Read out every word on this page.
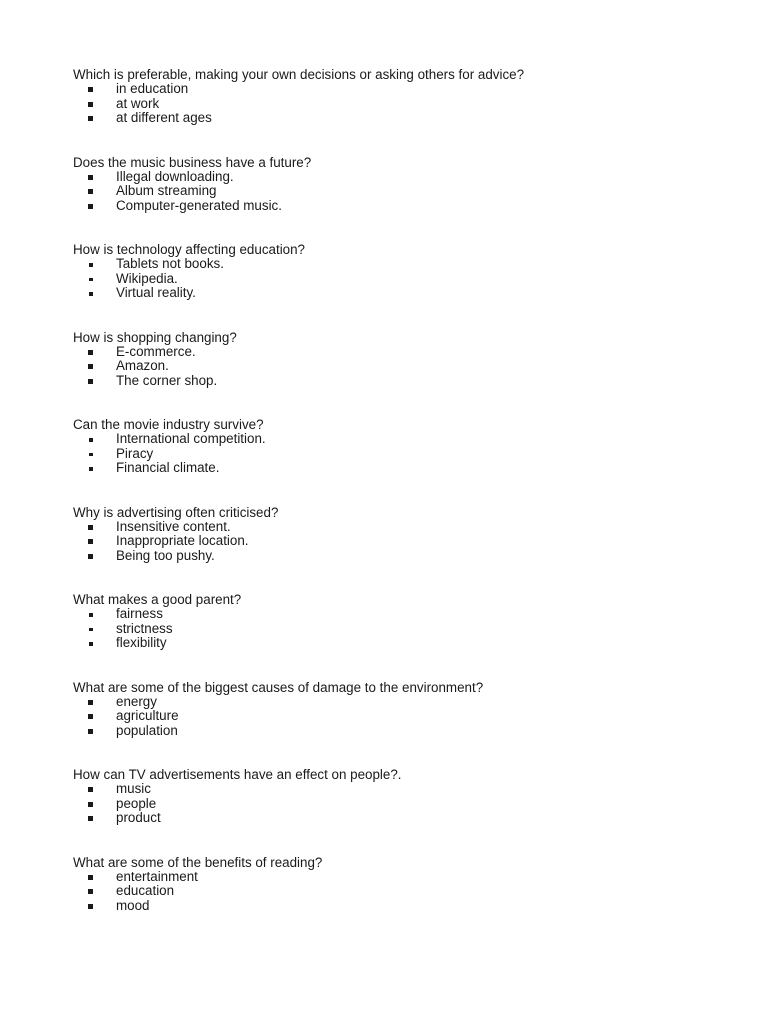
Which is preferable, making your own decisions or asking others for advice?
in education
at work
at different ages
Does the music business have a future?
Illegal downloading.
Album streaming
Computer-generated music.
How is technology affecting education?
Tablets not books.
Wikipedia.
Virtual reality.
How is shopping changing?
E-commerce.
Amazon.
The corner shop.
Can the movie industry survive?
International competition.
Piracy
Financial climate.
Why is advertising often criticised?
Insensitive content.
Inappropriate location.
Being too pushy.
What makes a good parent?
fairness
strictness
flexibility
What are some of the biggest causes of damage to the environment?
energy
agriculture
population
How can TV advertisements have an effect on people?.
music
people
product
What are some of the benefits of reading?
entertainment
education
mood
